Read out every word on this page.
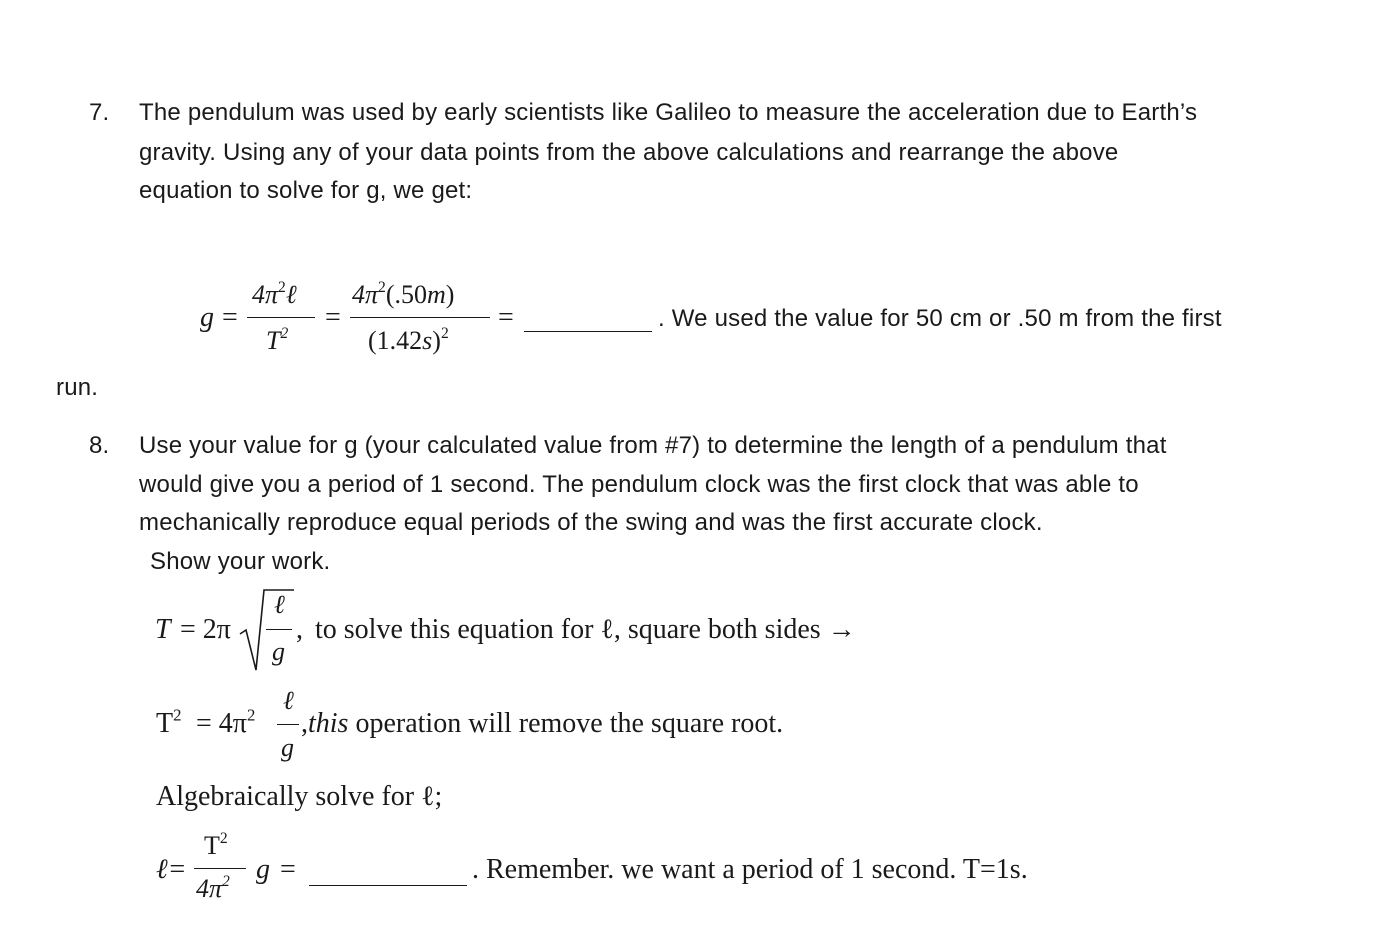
7. The pendulum was used by early scientists like Galileo to measure the acceleration due to Earth’s
gravity. Using any of your data points from the above calculations and rearrange the above
equation to solve for g, we get:
g =
$4\pi^2\ell$
$T^2$
=
$4\pi^2(.50m)$
$(1.42s)^2$
=	. We used the value for 50 cm or .50 m from the first
run.
8. Use your value for g (your calculated value from #7) to determine the length of a pendulum that
would give you a period of 1 second. The pendulum clock was the first clock that was able to
mechanically reproduce equal periods of the swing and was the first accurate clock.
Show your work.
T = 2π
ℓ
g
, to solve this equation for ℓ, square both sides →
$T^2 = 4\pi^2$ ℓ
g
,this operation will remove the square root.
Algebraically solve for ℓ;
ℓ=
$T^2$
$4\pi^2$ g =	. Remember. we want a period of 1 second. T=1s.
